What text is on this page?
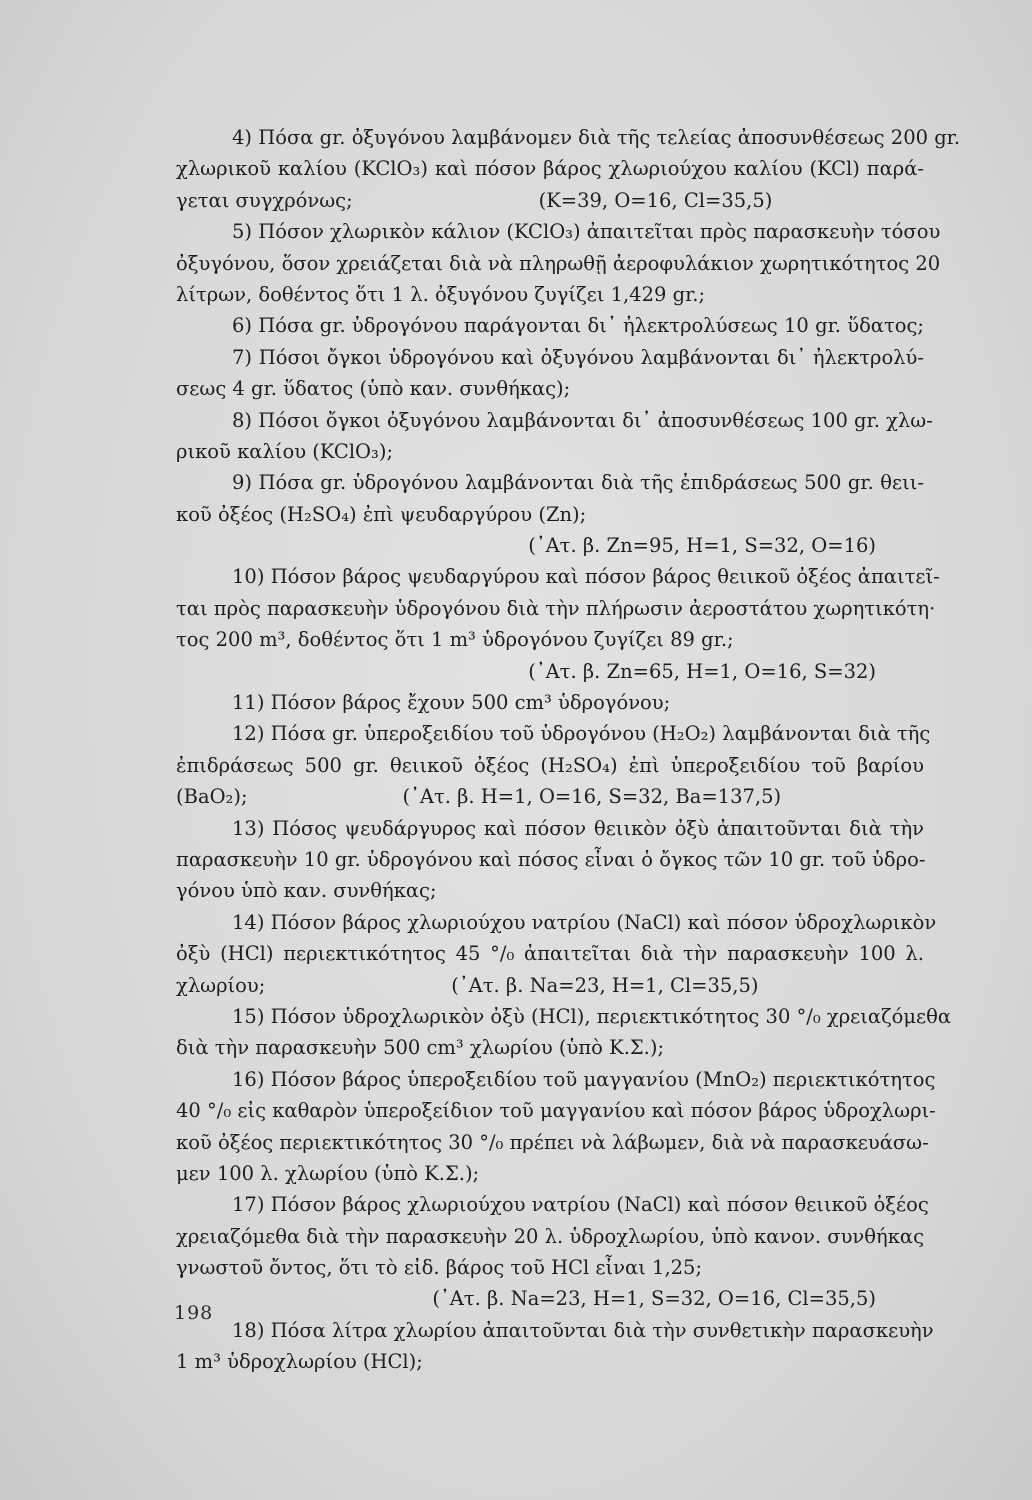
4) Πόσα gr. ὀξυγόνου λαμβάνομεν διὰ τῆς τελείας ἀποσυνθέσεως 200 gr.
χλωρικοῦ καλίου (KClO₃) καὶ πόσον βάρος χλωριούχου καλίου (KCl) παρά-
γεται συγχρόνως;                              (K=39, O=16, Cl=35,5)
5) Πόσον χλωρικὸν κάλιον (KClO₃) ἀπαιτεῖται πρὸς παρασκευὴν τόσου
ὀξυγόνου, ὅσον χρειάζεται διὰ νὰ πληρωθῇ ἀεροφυλάκιον χωρητικότητος 20
λίτρων, δοθέντος ὅτι 1 λ. ὀξυγόνου ζυγίζει 1,429 gr.;
6) Πόσα gr. ὑδρογόνου παράγονται δι᾽ ἠλεκτρολύσεως 10 gr. ὕδατος;
7) Πόσοι ὄγκοι ὑδρογόνου καὶ ὀξυγόνου λαμβάνονται δι᾽ ἠλεκτρολύ-
σεως 4 gr. ὕδατος (ὑπὸ καν. συνθήκας);
8) Πόσοι ὄγκοι ὀξυγόνου λαμβάνονται δι᾽ ἀποσυνθέσεως 100 gr. χλω-
ρικοῦ καλίου (KClO₃);
9) Πόσα gr. ὑδρογόνου λαμβάνονται διὰ τῆς ἐπιδράσεως 500 gr. θειι-
κοῦ ὀξέος (H₂SO₄) ἐπὶ ψευδαργύρου (Zn);
(᾽Ατ. β. Zn=95, H=1, S=32, O=16)
10) Πόσον βάρος ψευδαργύρου καὶ πόσον βάρος θειικοῦ ὀξέος ἀπαιτεῖ-
ται πρὸς παρασκευὴν ὑδρογόνου διὰ τὴν πλήρωσιν ἀεροστάτου χωρητικότη·
τος 200 m³, δοθέντος ὅτι 1 m³ ὑδρογόνου ζυγίζει 89 gr.;
(᾽Ατ. β. Zn=65, H=1, O=16, S=32)
11) Πόσον βάρος ἔχουν 500 cm³ ὑδρογόνου;
12) Πόσα gr. ὑπεροξειδίου τοῦ ὑδρογόνου (H₂O₂) λαμβάνονται διὰ τῆς
ἐπιδράσεως 500 gr. θειικοῦ ὀξέος (H₂SO₄) ἐπὶ ὑπεροξειδίου τοῦ βαρίου
(BaO₂);                         (᾽Ατ. β. H=1, O=16, S=32, Ba=137,5)
13) Πόσος ψευδάργυρος καὶ πόσον θειικὸν ὀξὺ ἀπαιτοῦνται διὰ τὴν
παρασκευὴν 10 gr. ὑδρογόνου καὶ πόσος εἶναι ὁ ὄγκος τῶν 10 gr. τοῦ ὑδρο-
γόνου ὑπὸ καν. συνθήκας;
14) Πόσον βάρος χλωριούχου νατρίου (NaCl) καὶ πόσον ὑδροχλωρικὸν
ὀξὺ (HCl) περιεκτικότητος 45 °/₀ ἀπαιτεῖται διὰ τὴν παρασκευὴν 100 λ.
χλωρίου;                              (᾽Ατ. β. Na=23, H=1, Cl=35,5)
15) Πόσον ὑδροχλωρικὸν ὀξὺ (HCl), περιεκτικότητος 30 °/₀ χρειαζόμεθα
διὰ τὴν παρασκευὴν 500 cm³ χλωρίου (ὑπὸ Κ.Σ.);
16) Πόσον βάρος ὑπεροξειδίου τοῦ μαγγανίου (MnO₂) περιεκτικότητος
40 °/₀ εἰς καθαρὸν ὑπεροξείδιον τοῦ μαγγανίου καὶ πόσον βάρος ὑδροχλωρι-
κοῦ ὀξέος περιεκτικότητος 30 °/₀ πρέπει νὰ λάβωμεν, διὰ νὰ παρασκευάσω-
μεν 100 λ. χλωρίου (ὑπὸ Κ.Σ.);
17) Πόσον βάρος χλωριούχου νατρίου (NaCl) καὶ πόσον θειικοῦ ὀξέος
χρειαζόμεθα διὰ τὴν παρασκευὴν 20 λ. ὑδροχλωρίου, ὑπὸ κανον. συνθήκας
γνωστοῦ ὄντος, ὅτι τὸ εἰδ. βάρος τοῦ HCl εἶναι 1,25;
(᾽Ατ. β. Na=23, H=1, S=32, O=16, Cl=35,5)
18) Πόσα λίτρα χλωρίου ἀπαιτοῦνται διὰ τὴν συνθετικὴν παρασκευὴν
1 m³ ὑδροχλωρίου (HCl);
198
